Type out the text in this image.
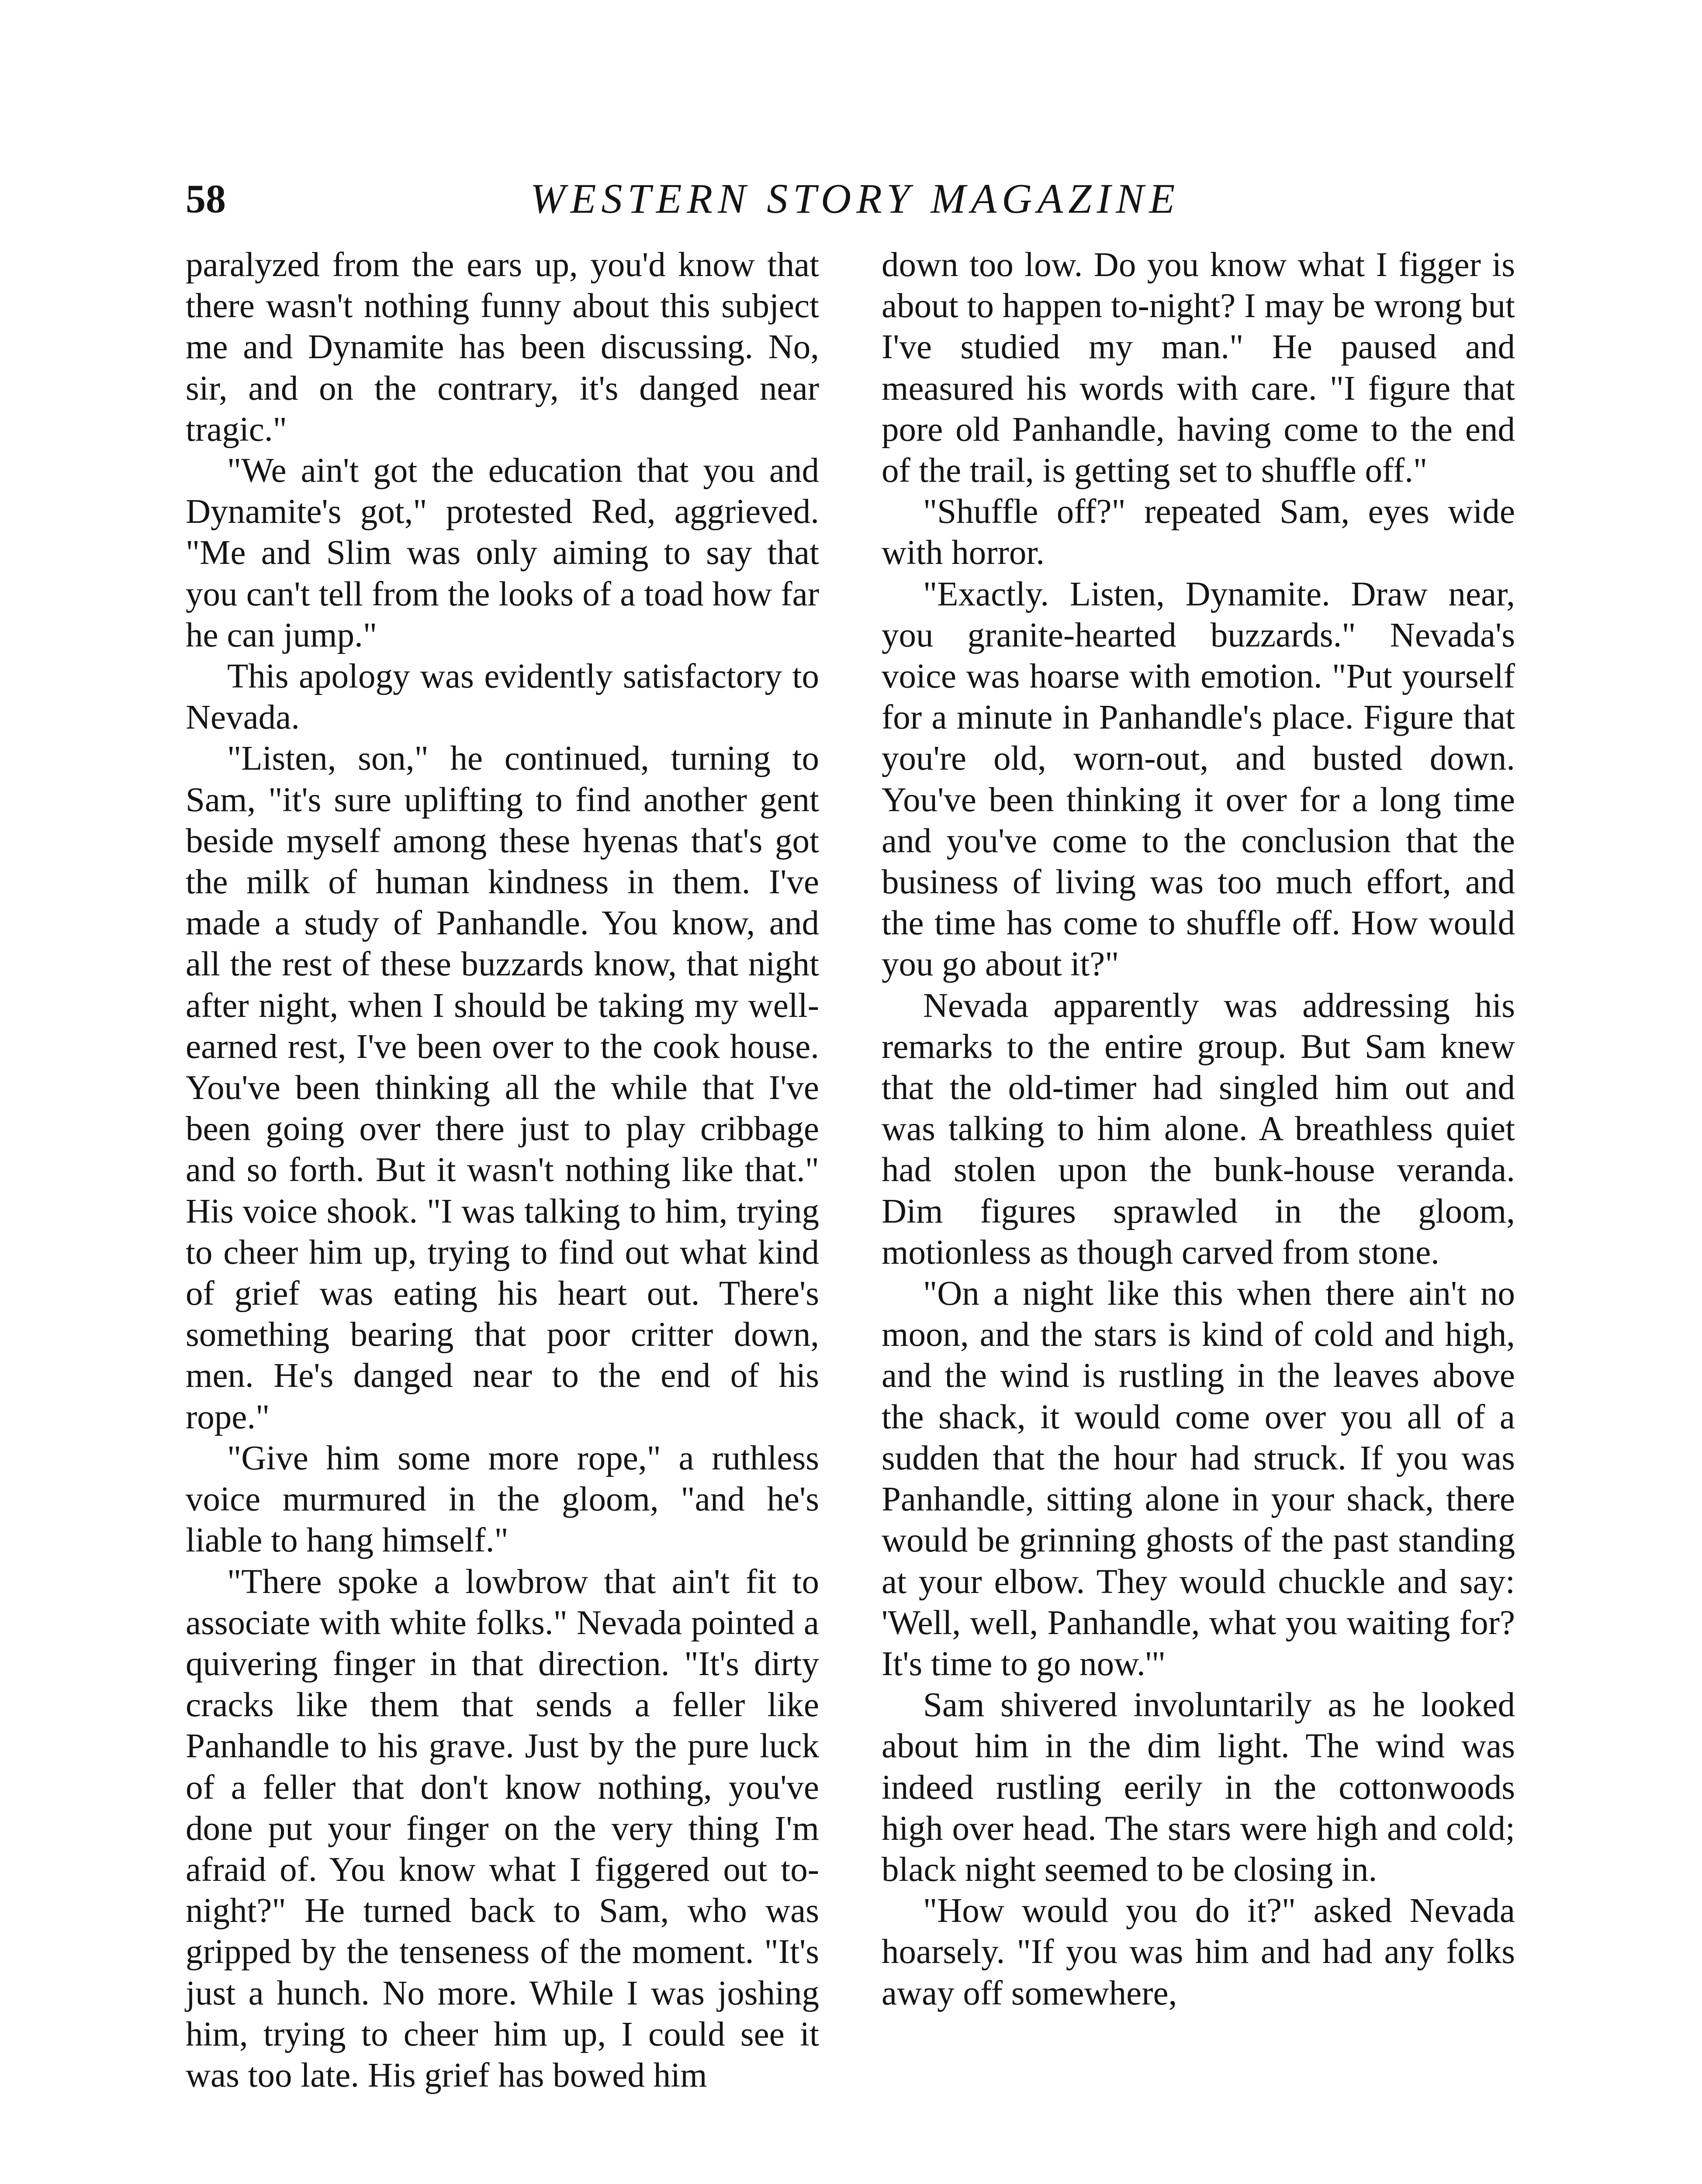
58	WESTERN STORY MAGAZINE

paralyzed from the ears up, you'd know that there wasn't nothing funny about this subject me and Dynamite has been discussing. No, sir, and on the contrary, it's danged near tragic."

"We ain't got the education that you and Dynamite's got," protested Red, aggrieved. "Me and Slim was only aiming to say that you can't tell from the looks of a toad how far he can jump."

This apology was evidently satisfactory to Nevada.

"Listen, son," he continued, turning to Sam, "it's sure uplifting to find another gent beside myself among these hyenas that's got the milk of human kindness in them. I've made a study of Panhandle. You know, and all the rest of these buzzards know, that night after night, when I should be taking my well-earned rest, I've been over to the cook house. You've been thinking all the while that I've been going over there just to play cribbage and so forth. But it wasn't nothing like that." His voice shook. "I was talking to him, trying to cheer him up, trying to find out what kind of grief was eating his heart out. There's something bearing that poor critter down, men. He's danged near to the end of his rope."

"Give him some more rope," a ruthless voice murmured in the gloom, "and he's liable to hang himself."

"There spoke a lowbrow that ain't fit to associate with white folks." Nevada pointed a quivering finger in that direction. "It's dirty cracks like them that sends a feller like Panhandle to his grave. Just by the pure luck of a feller that don't know nothing, you've done put your finger on the very thing I'm afraid of. You know what I figgered out to-night?" He turned back to Sam, who was gripped by the tenseness of the moment. "It's just a hunch. No more. While I was joshing him, trying to cheer him up, I could see it was too late. His grief has bowed him

down too low. Do you know what I figger is about to happen to-night? I may be wrong but I've studied my man." He paused and measured his words with care. "I figure that pore old Panhandle, having come to the end of the trail, is getting set to shuffle off."

"Shuffle off?" repeated Sam, eyes wide with horror.

"Exactly. Listen, Dynamite. Draw near, you granite-hearted buzzards." Nevada's voice was hoarse with emotion. "Put yourself for a minute in Panhandle's place. Figure that you're old, worn-out, and busted down. You've been thinking it over for a long time and you've come to the conclusion that the business of living was too much effort, and the time has come to shuffle off. How would you go about it?"

Nevada apparently was addressing his remarks to the entire group. But Sam knew that the old-timer had singled him out and was talking to him alone. A breathless quiet had stolen upon the bunk-house veranda. Dim figures sprawled in the gloom, motionless as though carved from stone.

"On a night like this when there ain't no moon, and the stars is kind of cold and high, and the wind is rustling in the leaves above the shack, it would come over you all of a sudden that the hour had struck. If you was Panhandle, sitting alone in your shack, there would be grinning ghosts of the past standing at your elbow. They would chuckle and say: 'Well, well, Panhandle, what you waiting for? It's time to go now.'"

Sam shivered involuntarily as he looked about him in the dim light. The wind was indeed rustling eerily in the cottonwoods high over head. The stars were high and cold; black night seemed to be closing in.

"How would you do it?" asked Nevada hoarsely. "If you was him and had any folks away off somewhere,
